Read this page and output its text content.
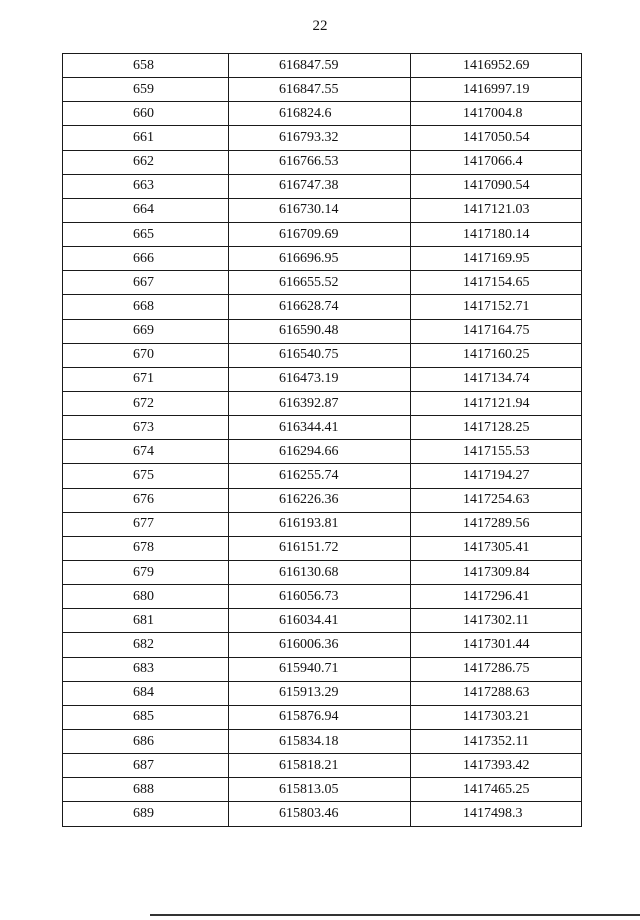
22
658	616847.59	1416952.69
659	616847.55	1416997.19
660	616824.6	1417004.8
661	616793.32	1417050.54
662	616766.53	1417066.4
663	616747.38	1417090.54
664	616730.14	1417121.03
665	616709.69	1417180.14
666	616696.95	1417169.95
667	616655.52	1417154.65
668	616628.74	1417152.71
669	616590.48	1417164.75
670	616540.75	1417160.25
671	616473.19	1417134.74
672	616392.87	1417121.94
673	616344.41	1417128.25
674	616294.66	1417155.53
675	616255.74	1417194.27
676	616226.36	1417254.63
677	616193.81	1417289.56
678	616151.72	1417305.41
679	616130.68	1417309.84
680	616056.73	1417296.41
681	616034.41	1417302.11
682	616006.36	1417301.44
683	615940.71	1417286.75
684	615913.29	1417288.63
685	615876.94	1417303.21
686	615834.18	1417352.11
687	615818.21	1417393.42
688	615813.05	1417465.25
689	615803.46	1417498.3
